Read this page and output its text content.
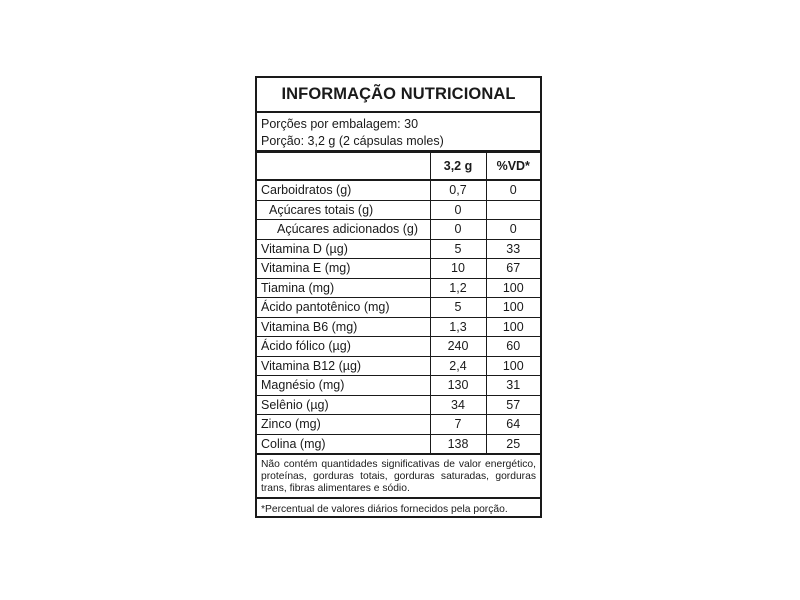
INFORMAÇÃO NUTRICIONAL
Porções por embalagem: 30
Porção: 3,2 g (2 cápsulas moles)
	3,2 g	%VD*
Carboidratos (g)	0,7	0
Açúcares totais (g)	0	
Açúcares adicionados (g)	0	0
Vitamina D (µg)	5	33
Vitamina E (mg)	10	67
Tiamina (mg)	1,2	100
Ácido pantotênico (mg)	5	100
Vitamina B6 (mg)	1,3	100
Ácido fólico (µg)	240	60
Vitamina B12 (µg)	2,4	100
Magnésio (mg)	130	31
Selênio (µg)	34	57
Zinco (mg)	7	64
Colina (mg)	138	25
Não contém quantidades significativas de valor energético, proteínas, gorduras totais, gorduras saturadas, gorduras trans, fibras alimentares e sódio.
*Percentual de valores diários fornecidos pela porção.
